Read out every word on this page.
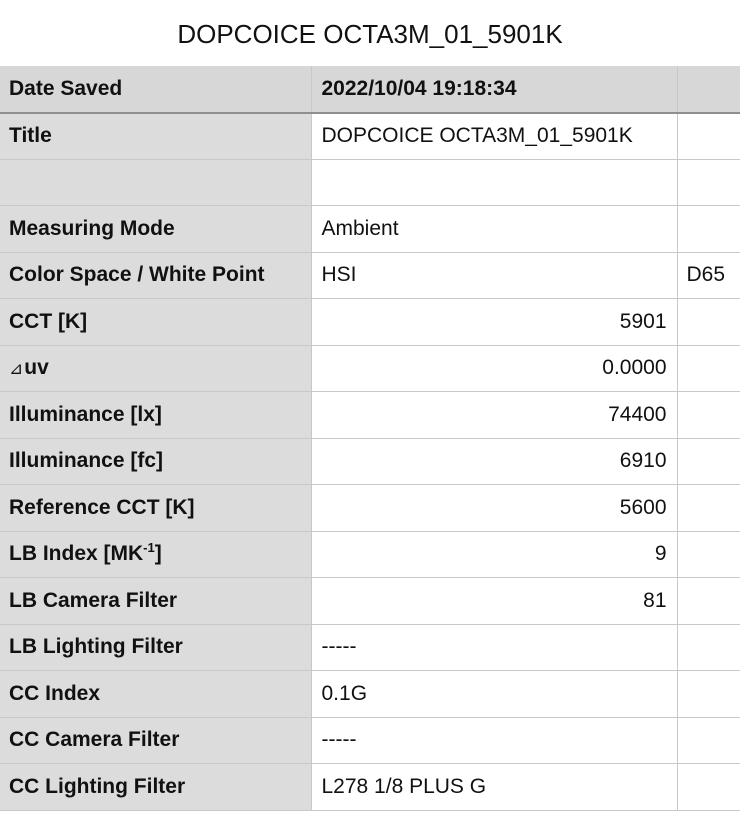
DOPCOICE OCTA3M_01_5901K
Date Saved	2022/10/04 19:18:34	
Title	DOPCOICE OCTA3M_01_5901K	

Measuring Mode	Ambient	
Color Space / White Point	HSI	D65
CCT [K]	5901	
⊿uv	0.0000	
Illuminance [lx]	74400	
Illuminance [fc]	6910	
Reference CCT [K]	5600	
LB Index $[MK^{-1}]$	9	
LB Camera Filter	81	
LB Lighting Filter	-----	
CC Index	0.1G	
CC Camera Filter	-----	
CC Lighting Filter	L278 1/8 PLUS G	
